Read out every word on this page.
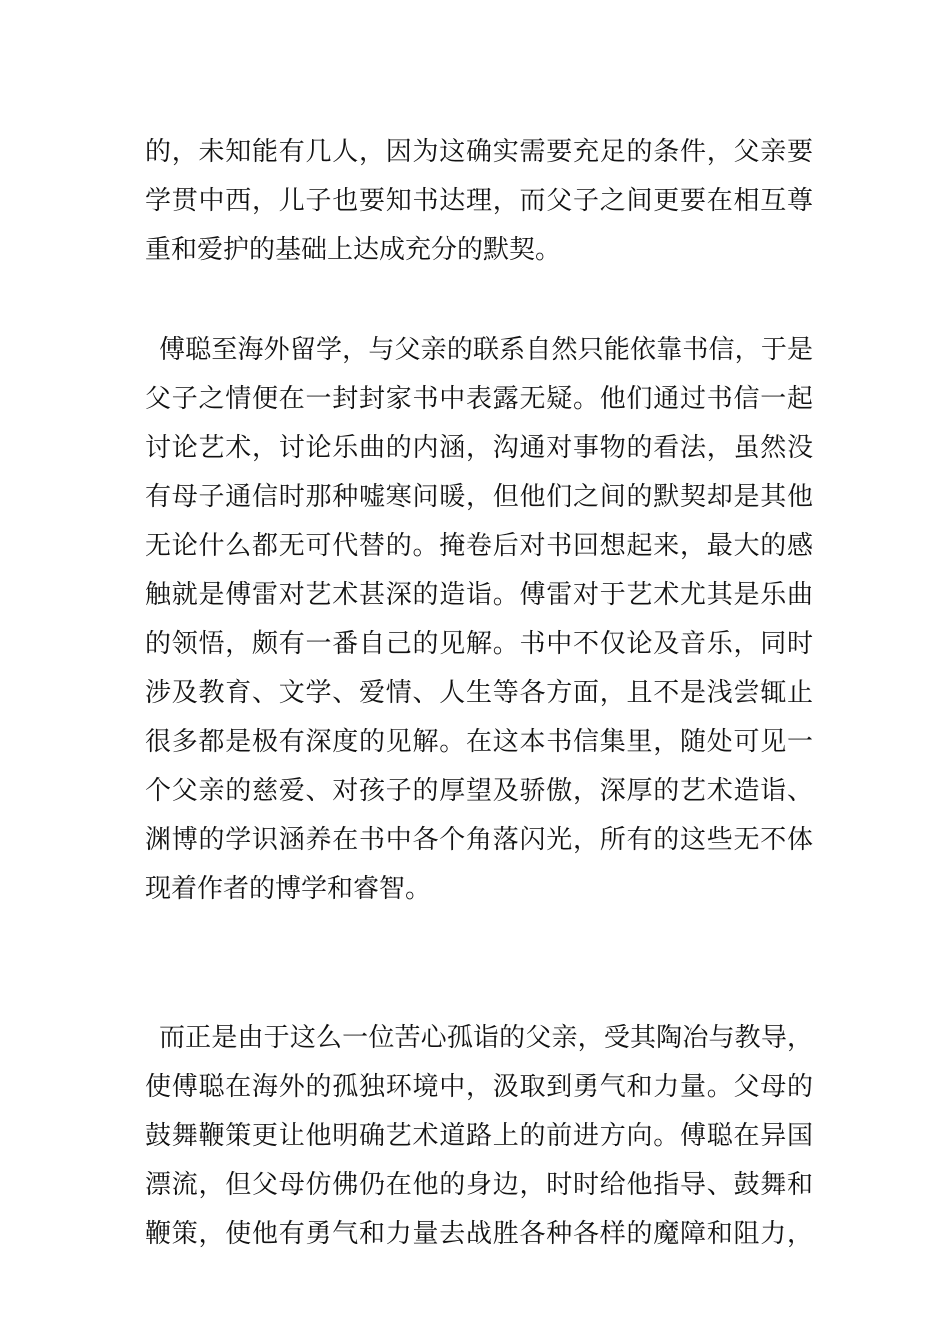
的，未知能有几人，因为这确实需要充足的条件，父亲要
学贯中西，儿子也要知书达理，而父子之间更要在相互尊
重和爱护的基础上达成充分的默契。
傅聪至海外留学，与父亲的联系自然只能依靠书信，于是
父子之情便在一封封家书中表露无疑。他们通过书信一起
讨论艺术，讨论乐曲的内涵，沟通对事物的看法，虽然没
有母子通信时那种嘘寒问暖，但他们之间的默契却是其他
无论什么都无可代替的。掩卷后对书回想起来，最大的感
触就是傅雷对艺术甚深的造诣。傅雷对于艺术尤其是乐曲
的领悟，颇有一番自己的见解。书中不仅论及音乐，同时
涉及教育、文学、爱情、人生等各方面，且不是浅尝辄止
很多都是极有深度的见解。在这本书信集里，随处可见一
个父亲的慈爱、对孩子的厚望及骄傲，深厚的艺术造诣、
渊博的学识涵养在书中各个角落闪光，所有的这些无不体
现着作者的博学和睿智。
而正是由于这么一位苦心孤诣的父亲，受其陶冶与教导，
使傅聪在海外的孤独环境中，汲取到勇气和力量。父母的
鼓舞鞭策更让他明确艺术道路上的前进方向。傅聪在异国
漂流，但父母仿佛仍在他的身边，时时给他指导、鼓舞和
鞭策，使他有勇气和力量去战胜各种各样的魔障和阻力，
